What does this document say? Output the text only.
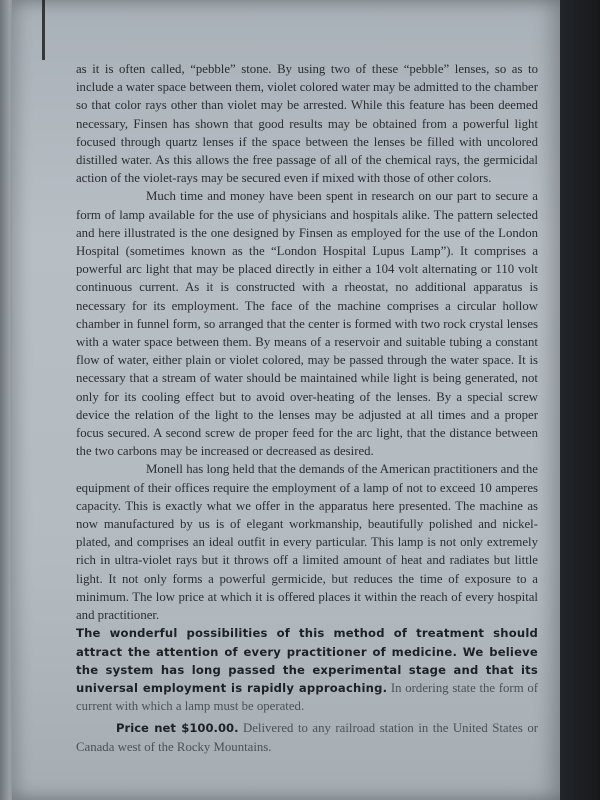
as it is often called, “pebble” stone. By using two of these “pebble” lenses, so as to include a water space between them, violet colored water may be admitted to the chamber so that color rays other than violet may be arrested. While this feature has been deemed necessary, Finsen has shown that good results may be obtained from a powerful light focused through quartz lenses if the space between the lenses be filled with uncolored distilled water. As this allows the free passage of all of the chemical rays, the germicidal action of the violet-rays may be secured even if mixed with those of other colors.

Much time and money have been spent in research on our part to secure a form of lamp available for the use of physicians and hospitals alike. The pattern selected and here illustrated is the one designed by Finsen as employed for the use of the London Hospital (sometimes known as the “London Hospital Lupus Lamp”). It comprises a powerful arc light that may be placed directly in either a 104 volt alternating or 110 volt continuous current. As it is constructed with a rheostat, no additional apparatus is necessary for its employment. The face of the machine comprises a circular hollow chamber in funnel form, so arranged that the center is formed with two rock crystal lenses with a water space between them. By means of a reservoir and suitable tubing a constant flow of water, either plain or violet colored, may be passed through the water space. It is necessary that a stream of water should be maintained while light is being generated, not only for its cooling effect but to avoid over-heating of the lenses. By a special screw device the relation of the light to the lenses may be adjusted at all times and a proper focus secured. A second screw de proper feed for the arc light, that the distance between the two carbons may be increased or decreased as desired.

Monell has long held that the demands of the American practitioners and the equipment of their offices require the employment of a lamp of not to exceed 10 amperes capacity. This is exactly what we offer in the apparatus here presented. The machine as now manufactured by us is of elegant workmanship, beautifully polished and nickel-plated, and comprises an ideal outfit in every particular. This lamp is not only extremely rich in ultra-violet rays but it throws off a limited amount of heat and radiates but little light. It not only forms a powerful germicide, but reduces the time of exposure to a minimum. The low price at which it is offered places it within the reach of every hospital and practitioner.

The wonderful possibilities of this method of treatment should attract the attention of every practitioner of medicine. We believe the system has long passed the experimental stage and that its universal employment is rapidly approaching. In ordering state the form of current with which a lamp must be operated.

Price net $100.00. Delivered to any railroad station in the United States or Canada west of the Rocky Mountains.
